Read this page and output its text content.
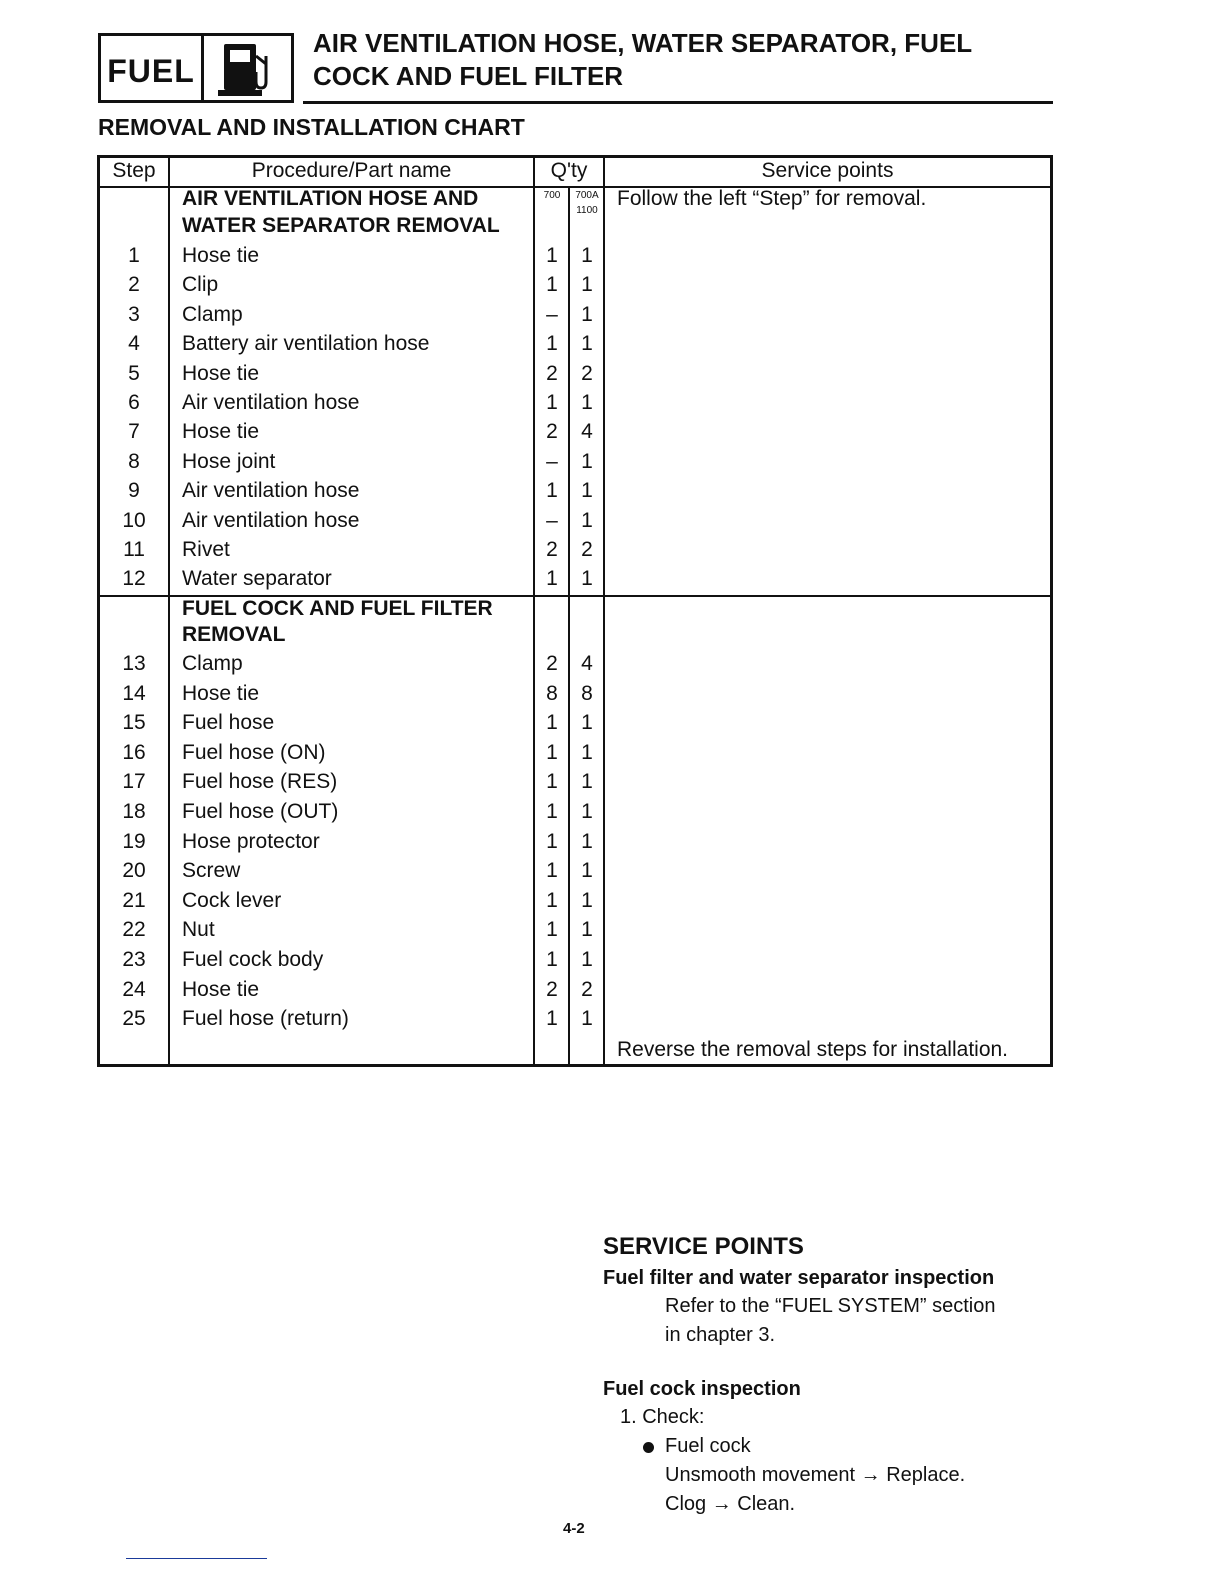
FUEL
AIR VENTILATION HOSE, WATER SEPARATOR, FUEL
COCK AND FUEL FILTER
REMOVAL AND INSTALLATION CHART
Step	Procedure/Part name	Q'ty	Service points
700	700A
1100
AIR VENTILATION HOSE AND
WATER SEPARATOR REMOVAL
Follow the left “Step” for removal.
1	Hose tie	1	1
2	Clip	1	1
3	Clamp	–	1
4	Battery air ventilation hose	1	1
5	Hose tie	2	2
6	Air ventilation hose	1	1
7	Hose tie	2	4
8	Hose joint	–	1
9	Air ventilation hose	1	1
10	Air ventilation hose	–	1
11	Rivet	2	2
12	Water separator	1	1
FUEL COCK AND FUEL FILTER
REMOVAL
13	Clamp	2	4
14	Hose tie	8	8
15	Fuel hose	1	1
16	Fuel hose (ON)	1	1
17	Fuel hose (RES)	1	1
18	Fuel hose (OUT)	1	1
19	Hose protector	1	1
20	Screw	1	1
21	Cock lever	1	1
22	Nut	1	1
23	Fuel cock body	1	1
24	Hose tie	2	2
25	Fuel hose (return)	1	1
Reverse the removal steps for installation.
SERVICE POINTS
Fuel filter and water separator inspection
Refer to the “FUEL SYSTEM” section
in chapter 3.
Fuel cock inspection
1. Check:
Fuel cock
Unsmooth movement → Replace.
Clog → Clean.
4-2
